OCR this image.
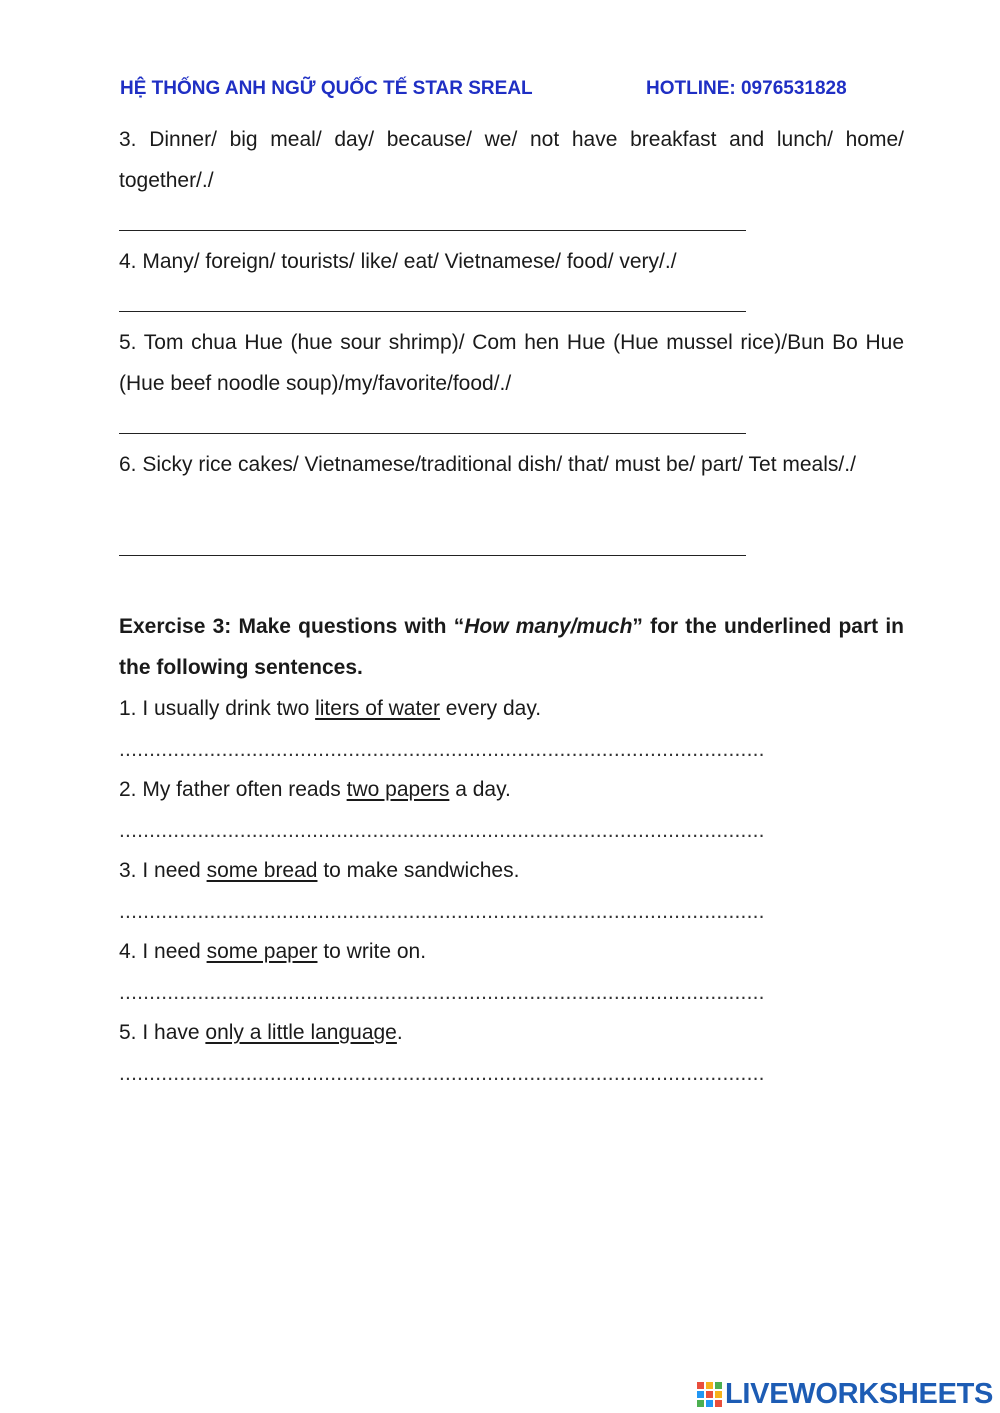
HỆ THỐNG ANH NGỮ QUỐC TẾ STAR SREAL	HOTLINE: 0976531828
3. Dinner/ big meal/ day/ because/ we/ not have breakfast and lunch/ home/ together/./
4. Many/ foreign/ tourists/ like/ eat/ Vietnamese/ food/ very/./
5. Tom chua Hue (hue sour shrimp)/ Com hen Hue (Hue mussel rice)/Bun Bo Hue (Hue beef noodle soup)/my/favorite/food/./
6. Sicky rice cakes/ Vietnamese/traditional dish/ that/ must be/ part/ Tet meals/./
Exercise 3: Make questions with “How many/much” for the underlined part in the following sentences.
1. I usually drink two liters of water every day.
...........................................................................................................
2. My father often reads two papers a day.
...........................................................................................................
3. I need some bread to make sandwiches.
...........................................................................................................
4. I need some paper to write on.
...........................................................................................................
5. I have only a little language.
...........................................................................................................
LIVEWORKSHEETS
